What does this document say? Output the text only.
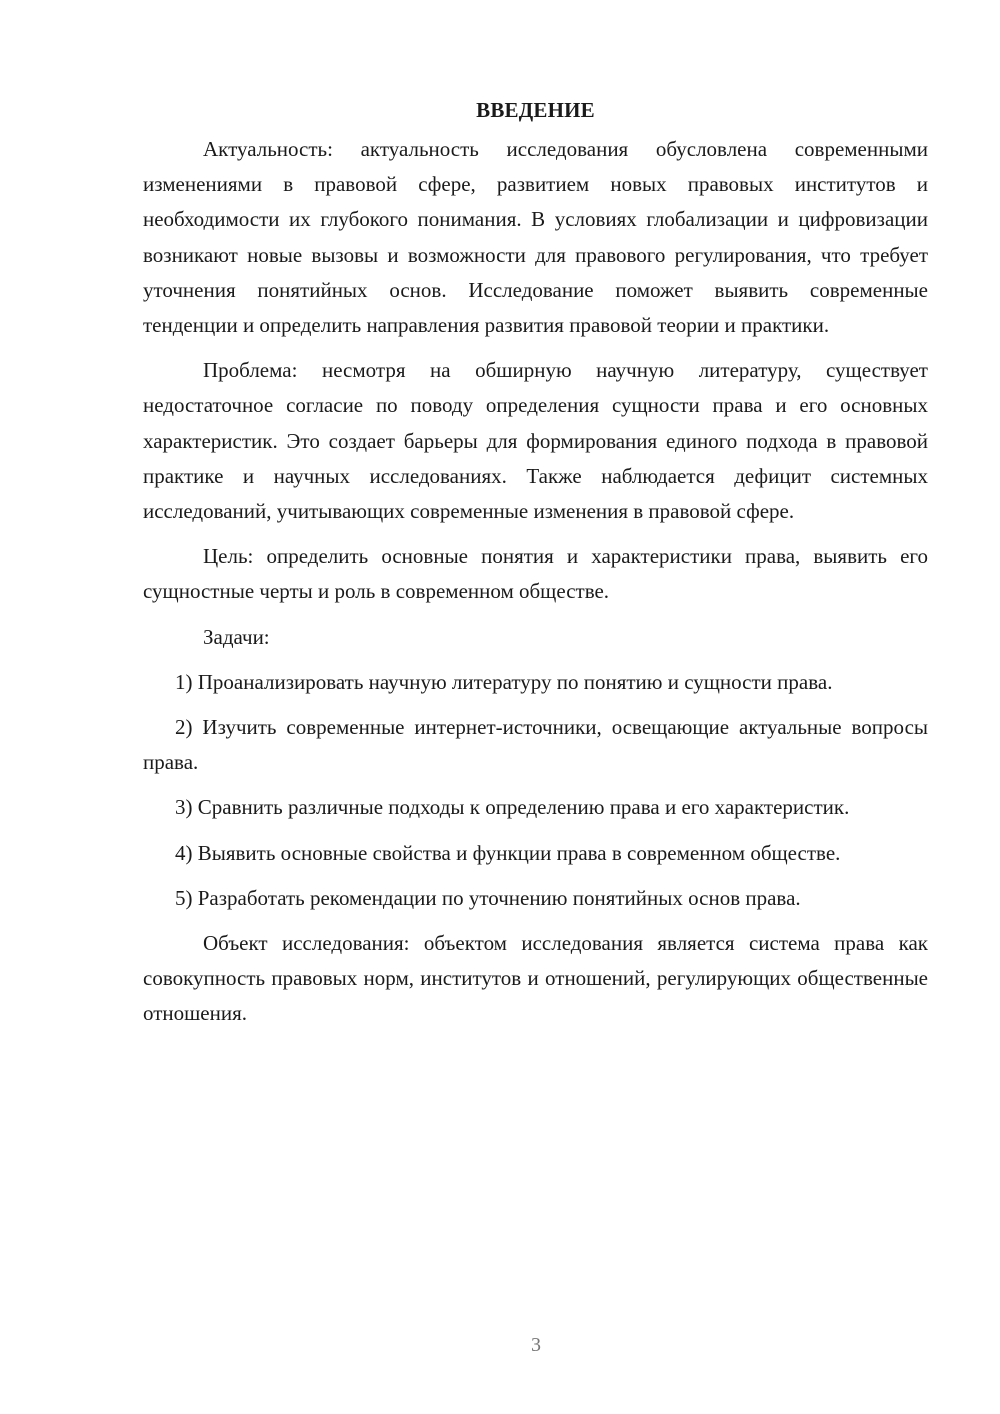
ВВЕДЕНИЕ

Актуальность: актуальность исследования обусловлена современными изменениями в правовой сфере, развитием новых правовых институтов и необходимости их глубокого понимания. В условиях глобализации и цифровизации возникают новые вызовы и возможности для правового регулирования, что требует уточнения понятийных основ. Исследование поможет выявить современные тенденции и определить направления развития правовой теории и практики.

Проблема: несмотря на обширную научную литературу, существует недостаточное согласие по поводу определения сущности права и его основных характеристик. Это создает барьеры для формирования единого подхода в правовой практике и научных исследованиях. Также наблюдается дефицит системных исследований, учитывающих современные изменения в правовой сфере.

Цель: определить основные понятия и характеристики права, выявить его сущностные черты и роль в современном обществе.

Задачи:

1) Проанализировать научную литературу по понятию и сущности права.

2) Изучить современные интернет-источники, освещающие актуальные вопросы права.

3) Сравнить различные подходы к определению права и его характеристик.

4) Выявить основные свойства и функции права в современном обществе.

5) Разработать рекомендации по уточнению понятийных основ права.

Объект исследования: объектом исследования является система права как совокупность правовых норм, институтов и отношений, регулирующих общественные отношения.

3
